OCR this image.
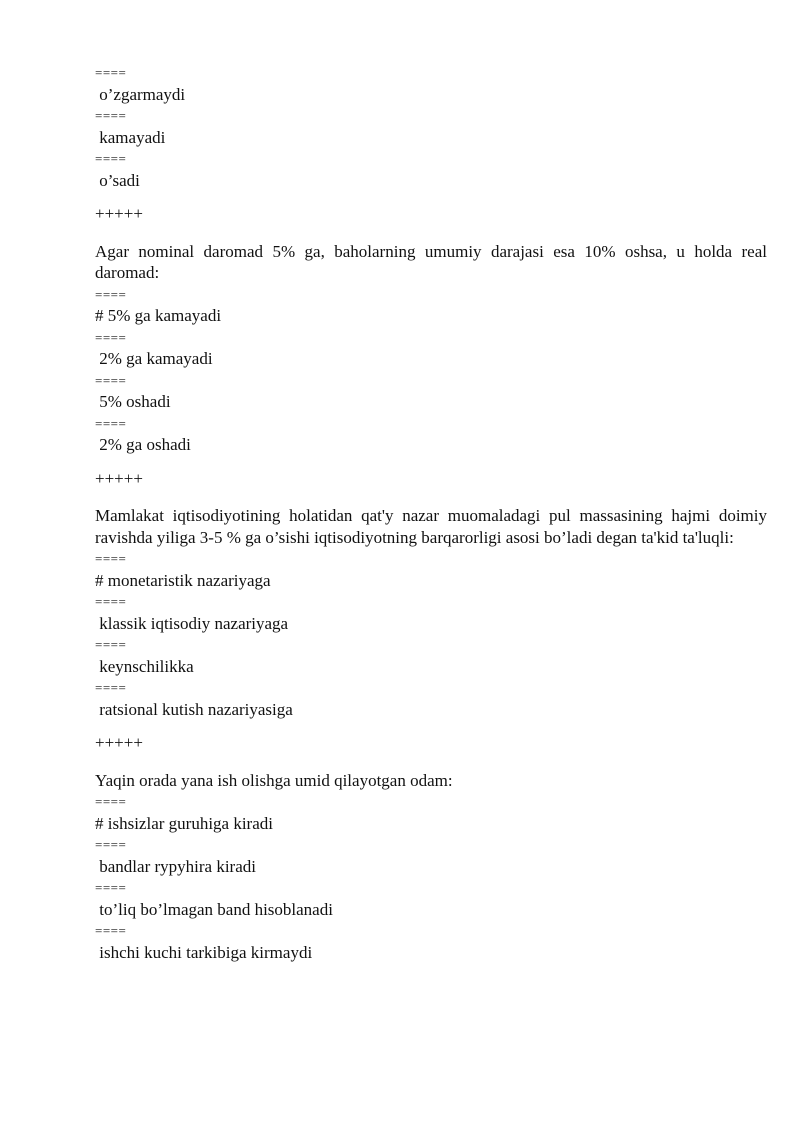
====
o’zgarmaydi
====
kamayadi
====
o’sadi
+++++
Agar nominal daromad 5% ga, baholarning umumiy darajasi esa 10% oshsa, u holda real daromad:
====
# 5% ga kamayadi
====
2% ga kamayadi
====
5% oshadi
====
2% ga oshadi
+++++
Mamlakat iqtisodiyotining holatidan qat'y nazar muomaladagi pul massasining hajmi doimiy ravishda yiliga 3-5 % ga o’sishi iqtisodiyotning barqarorligi asosi bo’ladi degan ta'kid ta'luqli:
====
# monetaristik nazariyaga
====
klassik iqtisodiy nazariyaga
====
keynschilikka
====
ratsional kutish nazariyasiga
+++++
Yaqin orada yana ish olishga umid qilayotgan odam:
====
# ishsizlar guruhiga kiradi
====
bandlar rypyhira kiradi
====
to’liq bo’lmagan band hisoblanadi
====
ishchi kuchi tarkibiga kirmaydi
